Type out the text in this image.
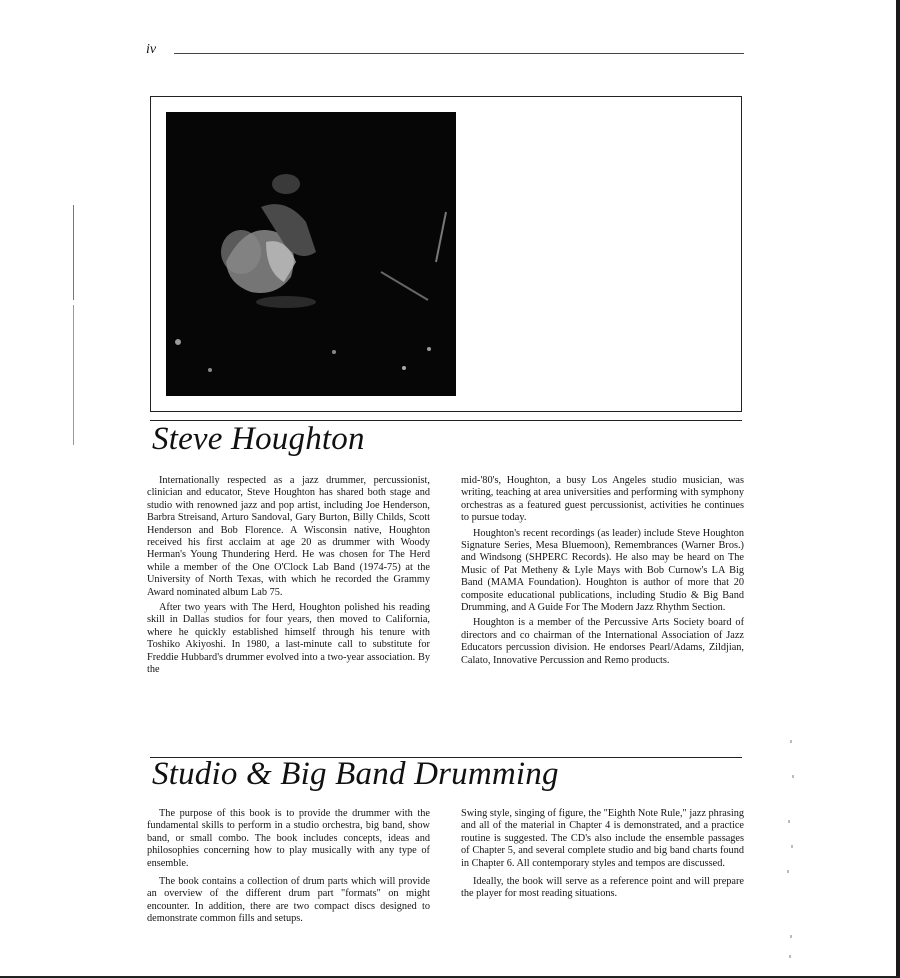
iv
Steve Houghton

Internationally respected as a jazz drummer, percussionist, clinician and educator, Steve Houghton has shared both stage and studio with renowned jazz and pop artist, including Joe Henderson, Barbra Streisand, Arturo Sandoval, Gary Burton, Billy Childs, Scott Henderson and Bob Florence. A Wisconsin native, Houghton received his first acclaim at age 20 as drummer with Woody Herman's Young Thundering Herd. He was chosen for The Herd while a member of the One O'Clock Lab Band (1974-75) at the University of North Texas, with which he recorded the Grammy Award nominated album Lab 75.

After two years with The Herd, Houghton polished his reading skill in Dallas studios for four years, then moved to California, where he quickly established himself through his tenure with Toshiko Akiyoshi. In 1980, a last-minute call to substitute for Freddie Hubbard's drummer evolved into a two-year association. By the

mid-'80's, Houghton, a busy Los Angeles studio musician, was writing, teaching at area universities and performing with symphony orchestras as a featured guest percussionist, activities he continues to pursue today.

Houghton's recent recordings (as leader) include Steve Houghton Signature Series, Mesa Bluemoon), Remembrances (Warner Bros.) and Windsong (SHPERC Records). He also may be heard on The Music of Pat Metheny & Lyle Mays with Bob Curnow's LA Big Band (MAMA Foundation). Houghton is author of more that 20 composite educational publications, including Studio & Big Band Drumming, and A Guide For The Modern Jazz Rhythm Section.

Houghton is a member of the Percussive Arts Society board of directors and co chairman of the International Association of Jazz Educators percussion division. He endorses Pearl/Adams, Zildjian, Calato, Innovative Percussion and Remo products.

Studio & Big Band Drumming

The purpose of this book is to provide the drummer with the fundamental skills to perform in a studio orchestra, big band, show band, or small combo. The book includes concepts, ideas and philosophies concerning how to play musically with any type of ensemble.

The book contains a collection of drum parts which will provide an overview of the different drum part "formats" on might encounter. In addition, there are two compact discs designed to demonstrate common fills and setups.

Swing style, singing of figure, the "Eighth Note Rule," jazz phrasing and all of the material in Chapter 4 is demonstrated, and a practice routine is suggested. The CD's also include the ensemble passages of Chapter 5, and several complete studio and big band charts found in Chapter 6. All contemporary styles and tempos are discussed.

Ideally, the book will serve as a reference point and will prepare the player for most reading situations.
